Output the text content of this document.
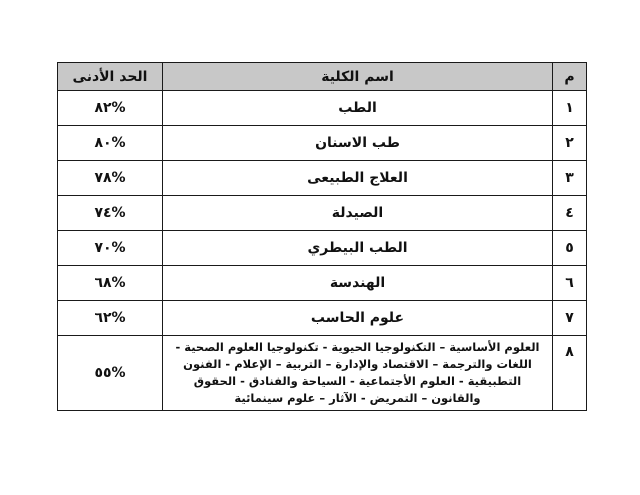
م	اسم الكلية	الحد الأدنى
١	الطب	%٨٢
٢	طب الاسنان	%٨٠
٣	العلاج الطبيعى	%٧٨
٤	الصيدلة	%٧٤
٥	الطب البيطري	%٧٠
٦	الهندسة	%٦٨
٧	علوم الحاسب	%٦٢
٨	العلوم الأساسية – التكنولوجيا الحيوية - تكنولوجيا العلوم الصحية - اللغات والترجمة – الاقتصاد والإدارة – التربية – الإعلام - الفنون التطبيقية - العلوم الأجتماعية - السياحة والفنادق - الحقوق والقانون – التمريض - الآثار – علوم سينمائية	%٥٥
